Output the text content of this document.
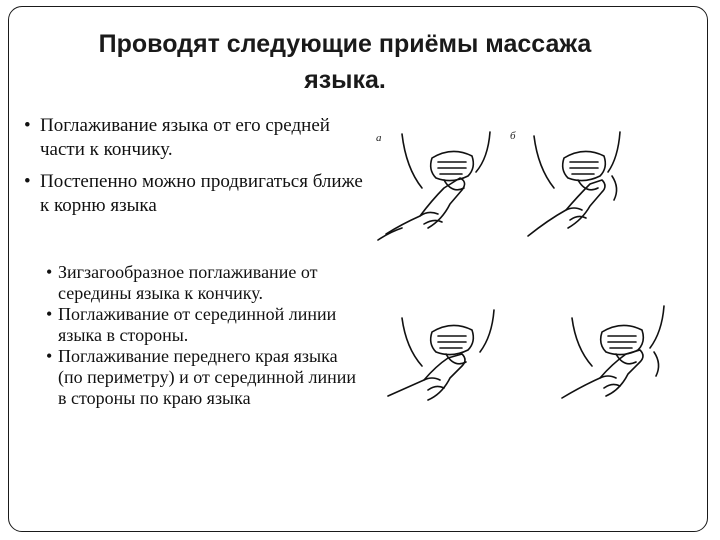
Проводят следующие приёмы массажа
языка.
• Поглаживание языка от его средней части к кончику.
• Постепенно можно продвигаться ближе к корню языка
• Зигзагообразное поглаживание от середины языка к кончику.
• Поглаживание от серединной линии языка в стороны.
• Поглаживание переднего края языка (по периметру) и от серединной линии в стороны по краю языка
а	б
